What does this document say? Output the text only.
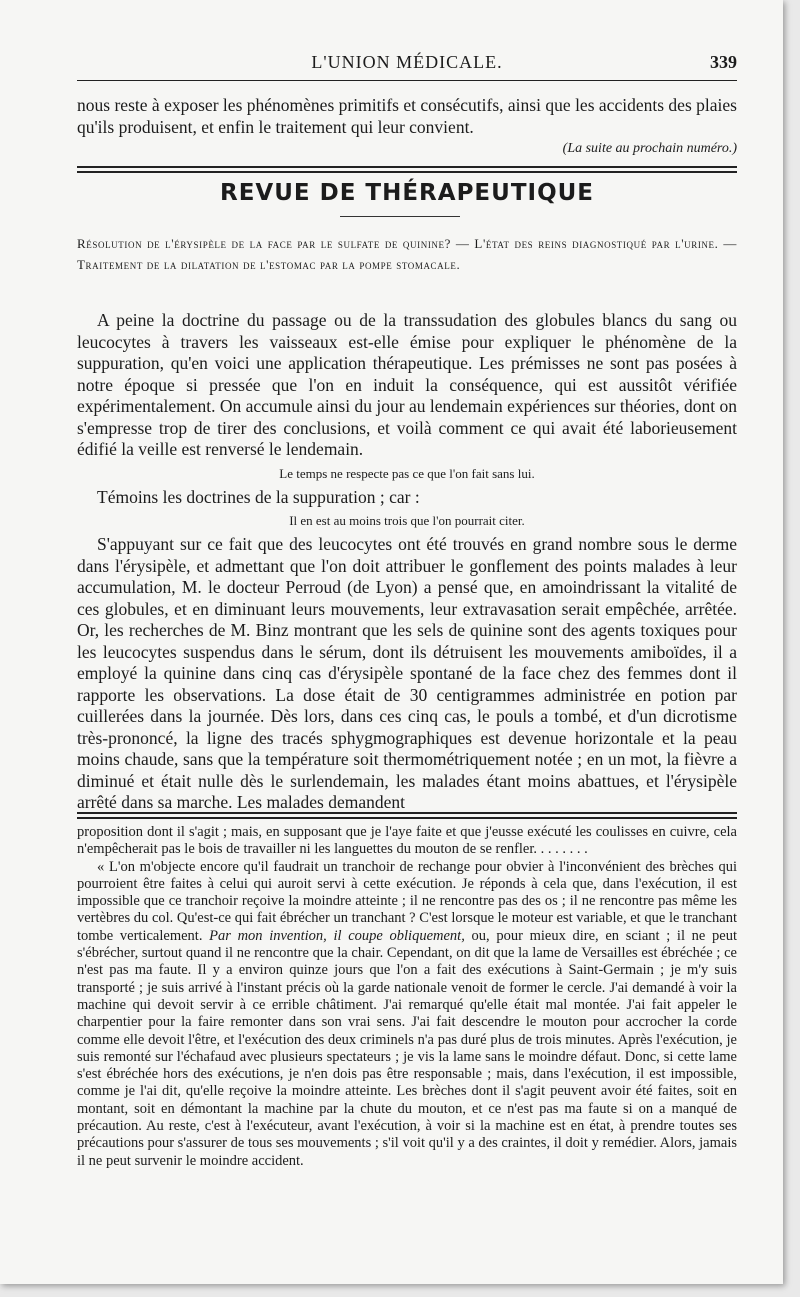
L'UNION MÉDICALE.	339
nous reste à exposer les phénomènes primitifs et consécutifs, ainsi que les accidents des plaies qu'ils produisent, et enfin le traitement qui leur convient.
(La suite au prochain numéro.)
REVUE DE THÉRAPEUTIQUE
Résolution de l'érysipèle de la face par le sulfate de quinine? — L'état des reins diagnostiqué par l'urine. — Traitement de la dilatation de l'estomac par la pompe stomacale.

A peine la doctrine du passage ou de la transsudation des globules blancs du sang ou leucocytes à travers les vaisseaux est-elle émise pour expliquer le phénomène de la suppuration, qu'en voici une application thérapeutique. Les prémisses ne sont pas posées à notre époque si pressée que l'on en induit la conséquence, qui est aussitôt vérifiée expérimentalement. On accumule ainsi du jour au lendemain expériences sur théories, dont on s'empresse trop de tirer des conclusions, et voilà comment ce qui avait été laborieusement édifié la veille est renversé le lendemain.

Le temps ne respecte pas ce que l'on fait sans lui.

Témoins les doctrines de la suppuration ; car :

Il en est au moins trois que l'on pourrait citer.

S'appuyant sur ce fait que des leucocytes ont été trouvés en grand nombre sous le derme dans l'érysipèle, et admettant que l'on doit attribuer le gonflement des points malades à leur accumulation, M. le docteur Perroud (de Lyon) a pensé que, en amoindrissant la vitalité de ces globules, et en diminuant leurs mouvements, leur extravasation serait empêchée, arrêtée. Or, les recherches de M. Binz montrant que les sels de quinine sont des agents toxiques pour les leucocytes suspendus dans le sérum, dont ils détruisent les mouvements amiboïdes, il a employé la quinine dans cinq cas d'érysipèle spontané de la face chez des femmes dont il rapporte les observations. La dose était de 30 centigrammes administrée en potion par cuillerées dans la journée. Dès lors, dans ces cinq cas, le pouls a tombé, et d'un dicrotisme très-prononcé, la ligne des tracés sphygmographiques est devenue horizontale et la peau moins chaude, sans que la température soit thermométriquement notée ; en un mot, la fièvre a diminué et était nulle dès le surlendemain, les malades étant moins abattues, et l'érysipèle arrêté dans sa marche. Les malades demandent

proposition dont il s'agit ; mais, en supposant que je l'aye faite et que j'eusse exécuté les coulisses en cuivre, cela n'empêcherait pas le bois de travailler ni les languettes du mouton de se renfler. . . . . . . .

« L'on m'objecte encore qu'il faudrait un tranchoir de rechange pour obvier à l'inconvénient des brèches qui pourroient être faites à celui qui auroit servi à cette exécution. Je réponds à cela que, dans l'exécution, il est impossible que ce tranchoir reçoive la moindre atteinte ; il ne rencontre pas des os ; il ne rencontre pas même les vertèbres du col. Qu'est-ce qui fait ébrécher un tranchant ? C'est lorsque le moteur est variable, et que le tranchant tombe verticalement. Par mon invention, il coupe obliquement, ou, pour mieux dire, en sciant ; il ne peut s'ébrécher, surtout quand il ne rencontre que la chair. Cependant, on dit que la lame de Versailles est ébréchée ; ce n'est pas ma faute. Il y a environ quinze jours que l'on a fait des exécutions à Saint-Germain ; je m'y suis transporté ; je suis arrivé à l'instant précis où la garde nationale venoit de former le cercle. J'ai demandé à voir la machine qui devoit servir à ce errible châtiment. J'ai remarqué qu'elle était mal montée. J'ai fait appeler le charpentier pour la faire remonter dans son vrai sens. J'ai fait descendre le mouton pour accrocher la corde comme elle devoit l'être, et l'exécution des deux criminels n'a pas duré plus de trois minutes. Après l'exécution, je suis remonté sur l'échafaud avec plusieurs spectateurs ; je vis la lame sans le moindre défaut. Donc, si cette lame s'est ébréchée hors des exécutions, je n'en dois pas être responsable ; mais, dans l'exécution, il est impossible, comme je l'ai dit, qu'elle reçoive la moindre atteinte. Les brèches dont il s'agit peuvent avoir été faites, soit en montant, soit en démontant la machine par la chute du mouton, et ce n'est pas ma faute si on a manqué de précaution. Au reste, c'est à l'exécuteur, avant l'exécution, à voir si la machine est en état, à prendre toutes ses précautions pour s'assurer de tous ses mouvements ; s'il voit qu'il y a des craintes, il doit y remédier. Alors, jamais il ne peut survenir le moindre accident.
